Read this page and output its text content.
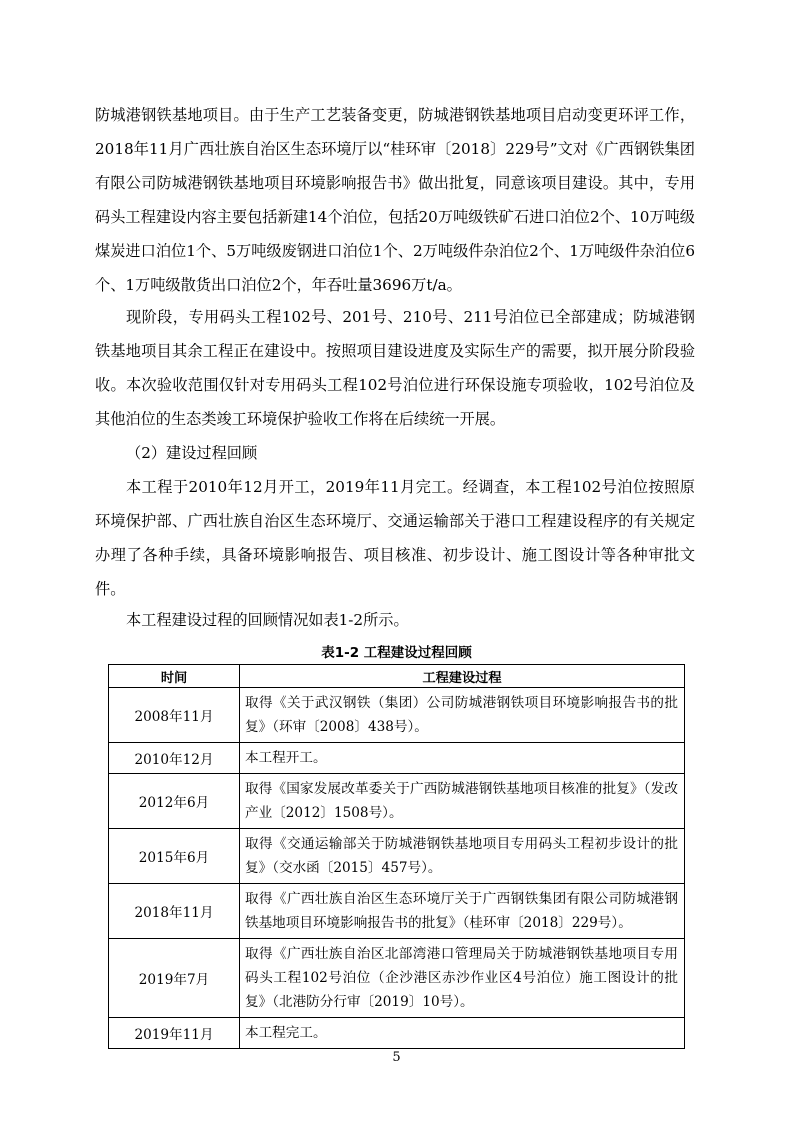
防城港钢铁基地项目。由于生产工艺装备变更，防城港钢铁基地项目启动变更环评工作，2018年11月广西壮族自治区生态环境厅以“桂环审〔2018〕229号”文对《广西钢铁集团有限公司防城港钢铁基地项目环境影响报告书》做出批复，同意该项目建设。其中，专用码头工程建设内容主要包括新建14个泊位，包括20万吨级铁矿石进口泊位2个、10万吨级煤炭进口泊位1个、5万吨级废钢进口泊位1个、2万吨级件杂泊位2个、1万吨级件杂泊位6个、1万吨级散货出口泊位2个，年吞吐量3696万t/a。

现阶段，专用码头工程102号、201号、210号、211号泊位已全部建成；防城港钢铁基地项目其余工程正在建设中。按照项目建设进度及实际生产的需要，拟开展分阶段验收。本次验收范围仅针对专用码头工程102号泊位进行环保设施专项验收，102号泊位及其他泊位的生态类竣工环境保护验收工作将在后续统一开展。

（2）建设过程回顾

本工程于2010年12月开工，2019年11月完工。经调查，本工程102号泊位按照原环境保护部、广西壮族自治区生态环境厅、交通运输部关于港口工程建设程序的有关规定办理了各种手续，具备环境影响报告、项目核准、初步设计、施工图设计等各种审批文件。

本工程建设过程的回顾情况如表1-2所示。

表1-2 工程建设过程回顾
时间	工程建设过程
2008年11月	取得《关于武汉钢铁（集团）公司防城港钢铁项目环境影响报告书的批复》（环审〔2008〕438号）。
2010年12月	本工程开工。
2012年6月	取得《国家发展改革委关于广西防城港钢铁基地项目核准的批复》（发改产业〔2012〕1508号）。
2015年6月	取得《交通运输部关于防城港钢铁基地项目专用码头工程初步设计的批复》（交水函〔2015〕457号）。
2018年11月	取得《广西壮族自治区生态环境厅关于广西钢铁集团有限公司防城港钢铁基地项目环境影响报告书的批复》（桂环审〔2018〕229号）。
2019年7月	取得《广西壮族自治区北部湾港口管理局关于防城港钢铁基地项目专用码头工程102号泊位（企沙港区赤沙作业区4号泊位）施工图设计的批复》（北港防分行审〔2019〕10号）。
2019年11月	本工程完工。
5
